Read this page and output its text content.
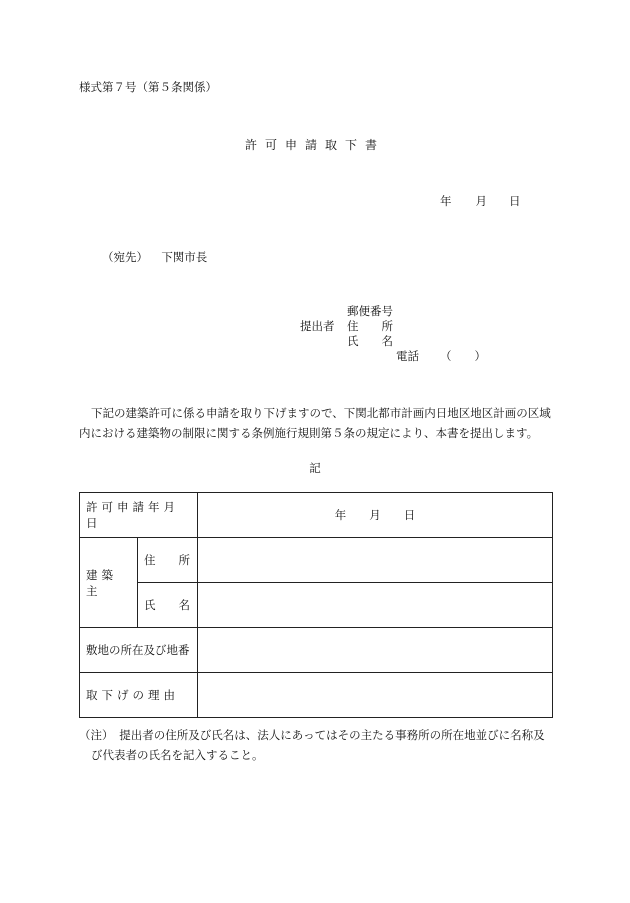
様式第７号（第５条関係）
許可申請取下書
年 月 日
（宛先） 下関市長
郵便番号
提出者 住　　所
氏　　名
電話 （　　）
下記の建築許可に係る申請を取り下げますので、下関北都市計画内日地区地区計画の区域内における建築物の制限に関する条例施行規則第５条の規定により、本書を提出します。
記
許可申請年月日		年　　月　　日
建築主	住　　所	
	氏　　名	
敷地の所在及び地番		
取下げの理由		
（注）　提出者の住所及び氏名は、法人にあってはその主たる事務所の所在地並びに名称及
び代表者の氏名を記入すること。
